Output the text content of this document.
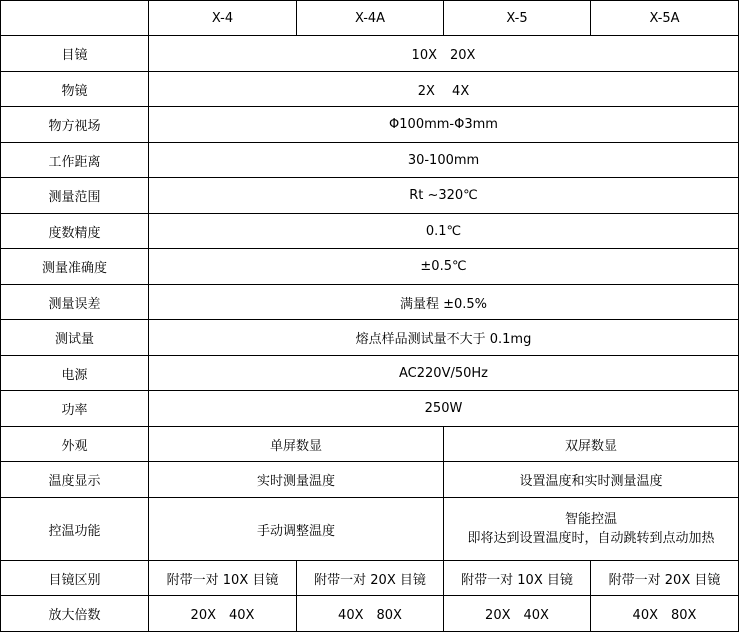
	X-4	X-4A	X-5	X-5A
目镜	10X　20X			
物镜	2X　 4X			
物方视场	Φ100mm-Φ3mm			
工作距离	30-100mm			
测量范围	Rt ~320℃			
度数精度	0.1℃			
测量准确度	±0.5℃			
测量误差	满量程 ±0.5%			
测试量	熔点样品测试量不大于 0.1mg			
电源	AC220V/50Hz			
功率	250W			
外观	单屏数显		双屏数显	
温度显示	实时测量温度		设置温度和实时测量温度	
控温功能	手动调整温度		智能控温
即将达到设置温度时，自动跳转到点动加热	

目镜区别	附带一对 10X 目镜	附带一对 20X 目镜	附带一对 10X 目镜	附带一对 20X 目镜
放大倍数	20X　40X	40X　80X	20X　40X	40X　80X
